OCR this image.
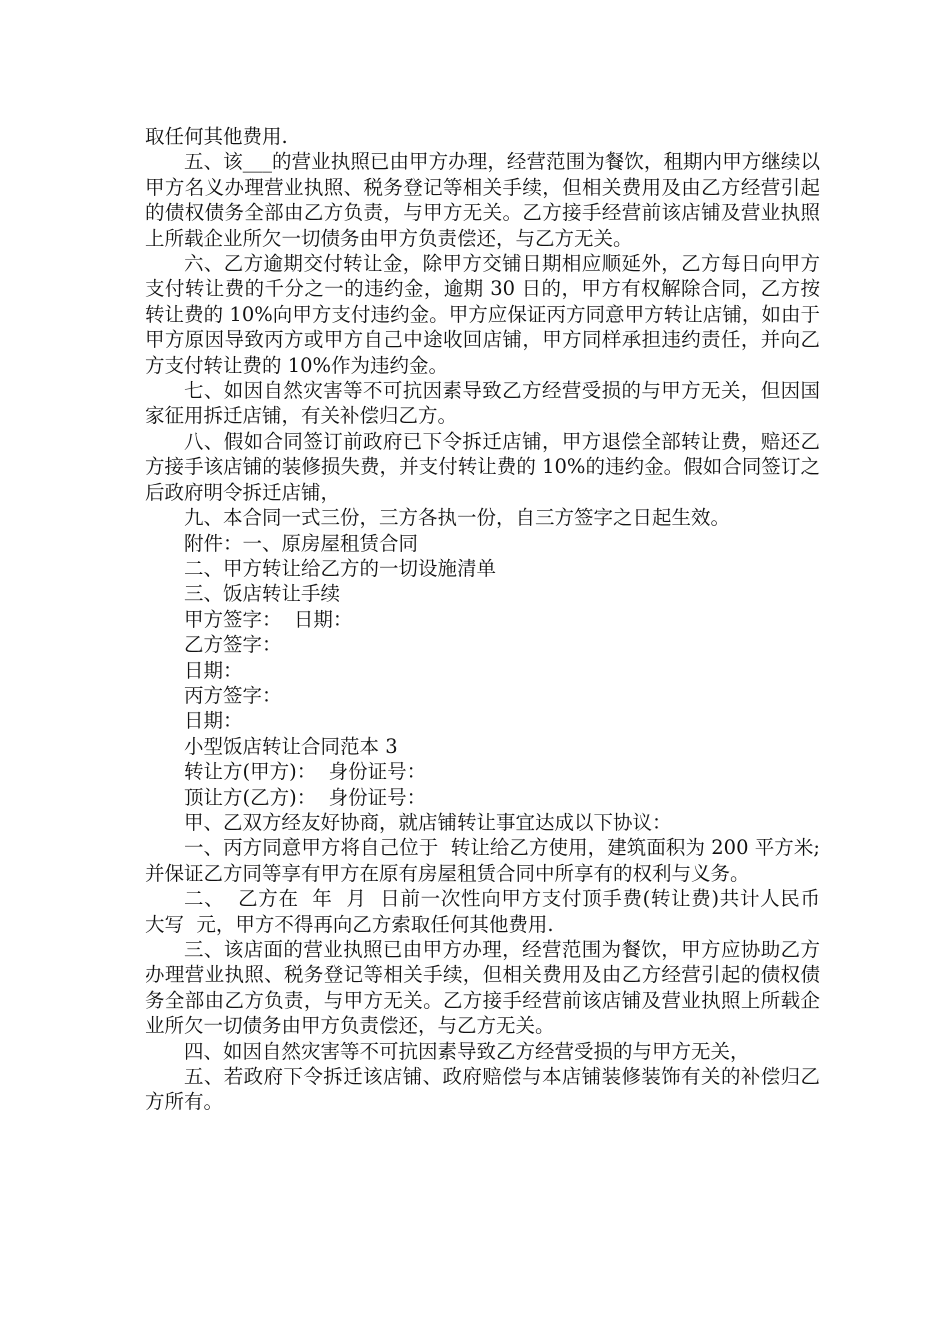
取任何其他费用.

五、该___的营业执照已由甲方办理，经营范围为餐饮，租期内甲方继续以甲方名义办理营业执照、税务登记等相关手续，但相关费用及由乙方经营引起的债权债务全部由乙方负责，与甲方无关。乙方接手经营前该店铺及营业执照上所载企业所欠一切债务由甲方负责偿还，与乙方无关。

六、乙方逾期交付转让金，除甲方交铺日期相应顺延外，乙方每日向甲方支付转让费的千分之一的违约金，逾期 30 日的，甲方有权解除合同，乙方按转让费的 10%向甲方支付违约金。甲方应保证丙方同意甲方转让店铺，如由于甲方原因导致丙方或甲方自己中途收回店铺，甲方同样承担违约责任，并向乙方支付转让费的 10%作为违约金。

七、如因自然灾害等不可抗因素导致乙方经营受损的与甲方无关，但因国家征用拆迁店铺，有关补偿归乙方。

八、假如合同签订前政府已下令拆迁店铺，甲方退偿全部转让费，赔还乙方接手该店铺的装修损失费，并支付转让费的 10%的违约金。假如合同签订之后政府明令拆迁店铺，

九、本合同一式三份，三方各执一份，自三方签字之日起生效。

附件：一、原房屋租赁合同

二、甲方转让给乙方的一切设施清单

三、饭店转让手续

甲方签字：  日期：

乙方签字：

日期：

丙方签字：

日期：

小型饭店转让合同范本 3

转让方(甲方)：  身份证号：

顶让方(乙方)：  身份证号：

甲、乙双方经友好协商，就店铺转让事宜达成以下协议：

一、丙方同意甲方将自己位于  转让给乙方使用，建筑面积为 200 平方米;并保证乙方同等享有甲方在原有房屋租赁合同中所享有的权利与义务。

二、  乙方在  年  月  日前一次性向甲方支付顶手费(转让费)共计人民币  大写  元，甲方不得再向乙方索取任何其他费用.

三、该店面的营业执照已由甲方办理，经营范围为餐饮，甲方应协助乙方办理营业执照、税务登记等相关手续，但相关费用及由乙方经营引起的债权债务全部由乙方负责，与甲方无关。乙方接手经营前该店铺及营业执照上所载企业所欠一切债务由甲方负责偿还，与乙方无关。

四、如因自然灾害等不可抗因素导致乙方经营受损的与甲方无关，

五、若政府下令拆迁该店铺、政府赔偿与本店铺装修装饰有关的补偿归乙方所有。
